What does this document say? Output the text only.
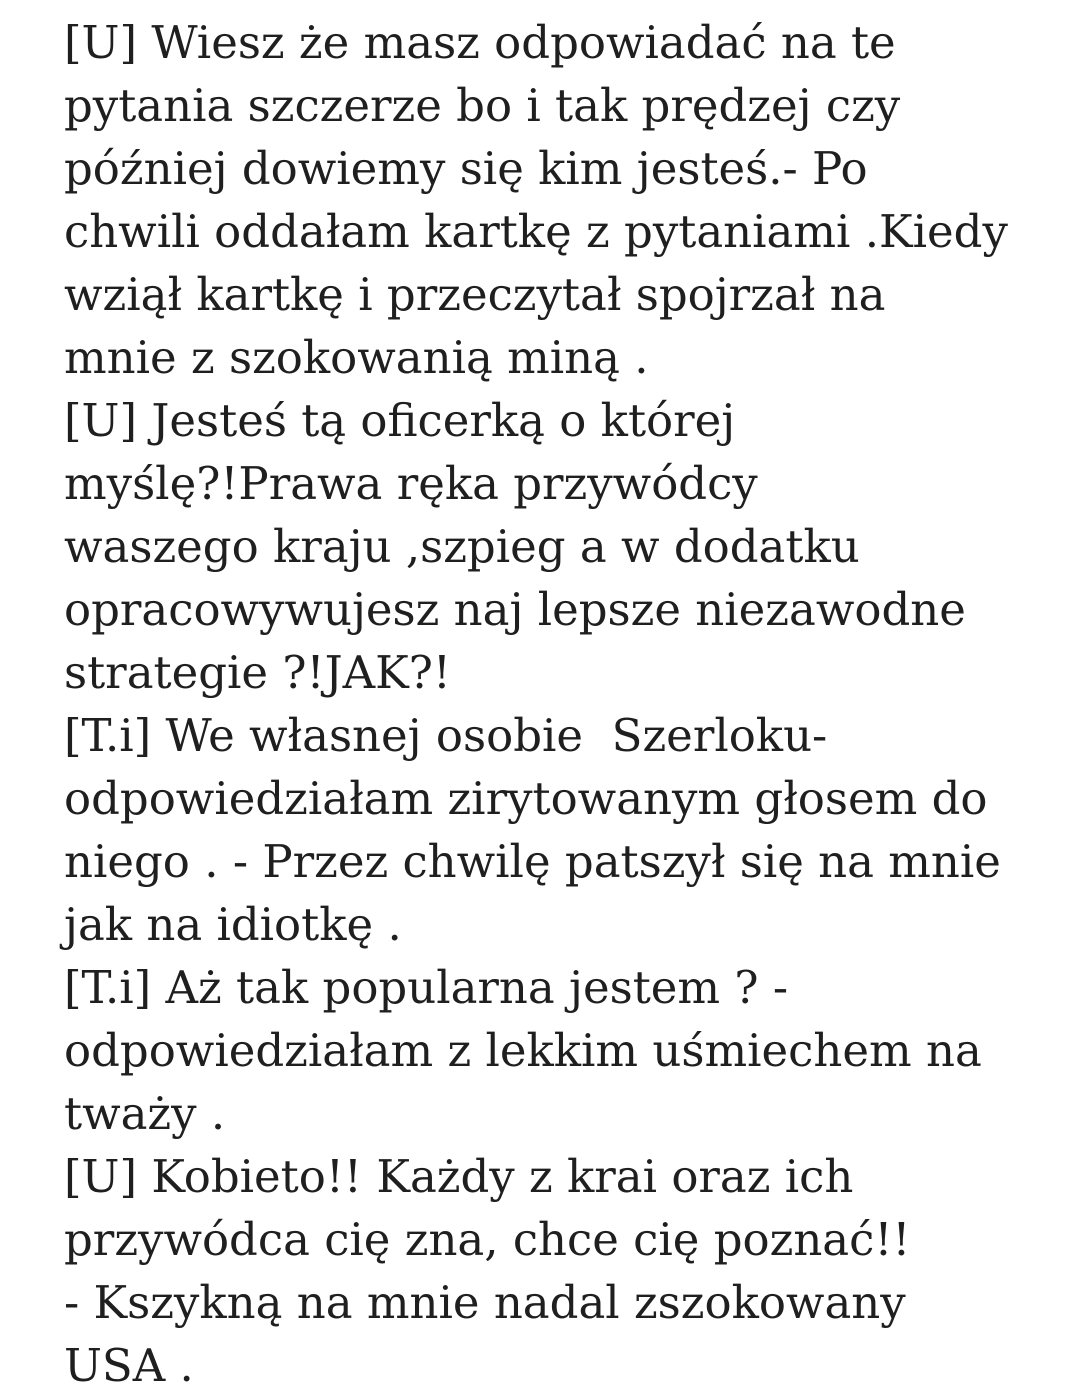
[U] Wiesz że masz odpowiadać na te
pytania szczerze bo i tak prędzej czy
później dowiemy się kim jesteś.- Po
chwili oddałam kartkę z pytaniami .Kiedy
wziął kartkę i przeczytał spojrzał na
mnie z szokowanią miną .
[U] Jesteś tą oficerką o której
myślę?!Prawa ręka przywódcy
waszego kraju ,szpieg a w dodatku
opracowywujesz naj lepsze niezawodne
strategie ?!JAK?!
[T.i] We własnej osobie  Szerloku-
odpowiedziałam zirytowanym głosem do
niego . - Przez chwilę patszył się na mnie
jak na idiotkę .
[T.i] Aż tak popularna jestem ? -
odpowiedziałam z lekkim uśmiechem na
tważy .
[U] Kobieto!! Każdy z krai oraz ich
przywódca cię zna, chce cię poznać!!
- Kszykną na mnie nadal zszokowany
USA .
